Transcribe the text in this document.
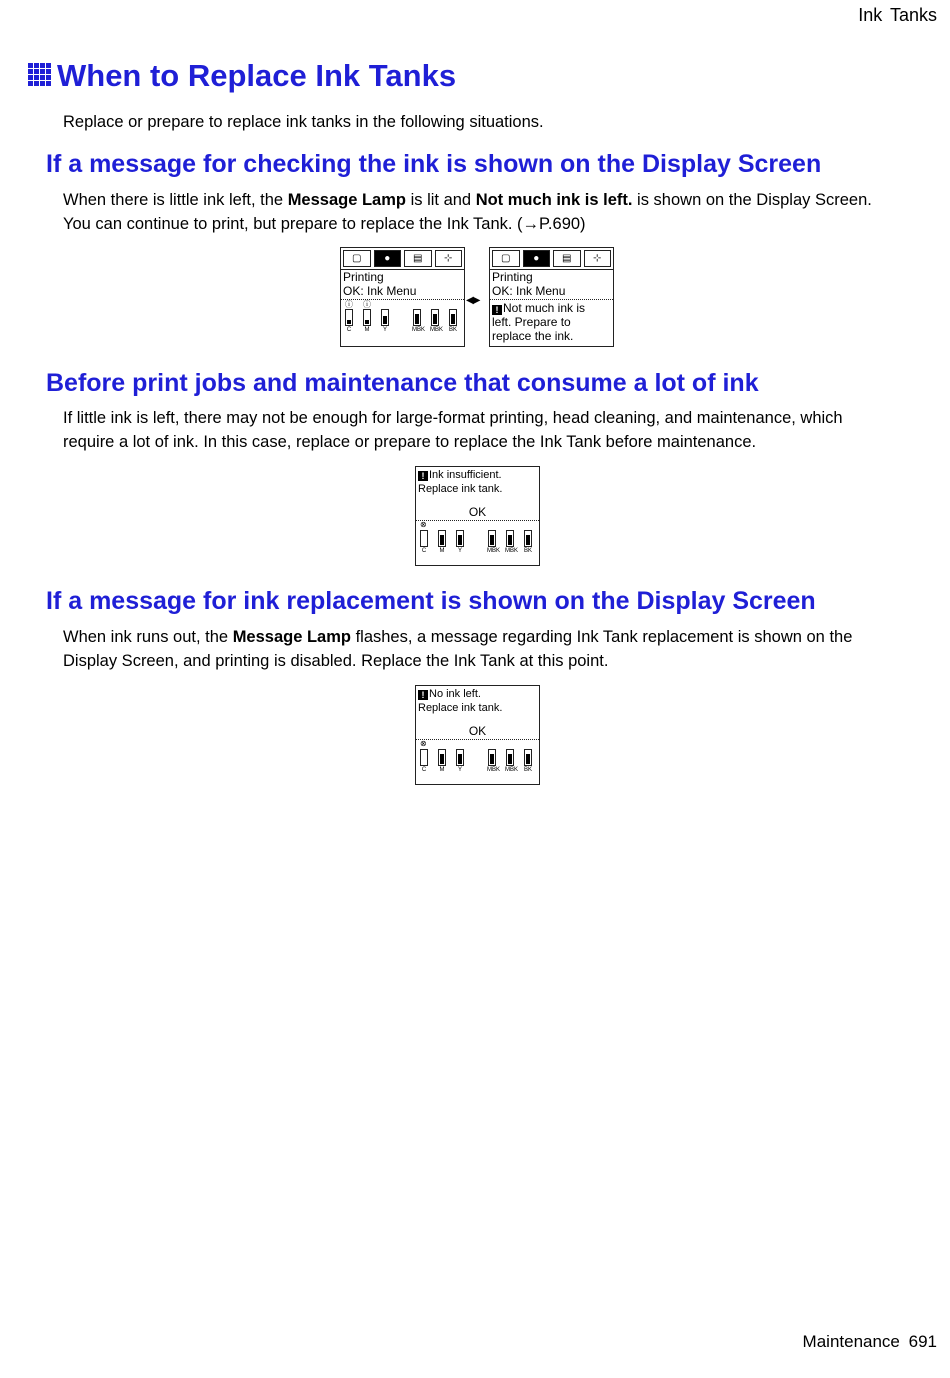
Ink Tanks
When to Replace Ink Tanks

Replace or prepare to replace ink tanks in the following situations.

If a message for checking the ink is shown on the Display Screen

When there is little ink left, the Message Lamp is lit and Not much ink is left. is shown on the Display Screen. You can continue to print, but prepare to replace the Ink Tank. (→P.690)

▢	●	▤	⊹
Printing
OK: Ink Menu
C
ⓘ
M
ⓘ
Y	MBK MBK BK
◀▶
▢	●	▤	⊹
Printing
OK: Ink Menu
! Not much ink is
left. Prepare to
replace the ink.
Before print jobs and maintenance that consume a lot of ink

If little ink is left, there may not be enough for large-format printing, head cleaning, and maintenance, which require a lot of ink. In this case, replace or prepare to replace the Ink Tank before maintenance.

! Ink insufficient.
Replace ink tank.
OK
C
⊗
M	Y	MBK MBK BK
If a message for ink replacement is shown on the Display Screen

When ink runs out, the Message Lamp flashes, a message regarding Ink Tank replacement is shown on the Display Screen, and printing is disabled. Replace the Ink Tank at this point.

! No ink left.
Replace ink tank.
OK
C
⊗
M	Y	MBK MBK BK
Maintenance 691
